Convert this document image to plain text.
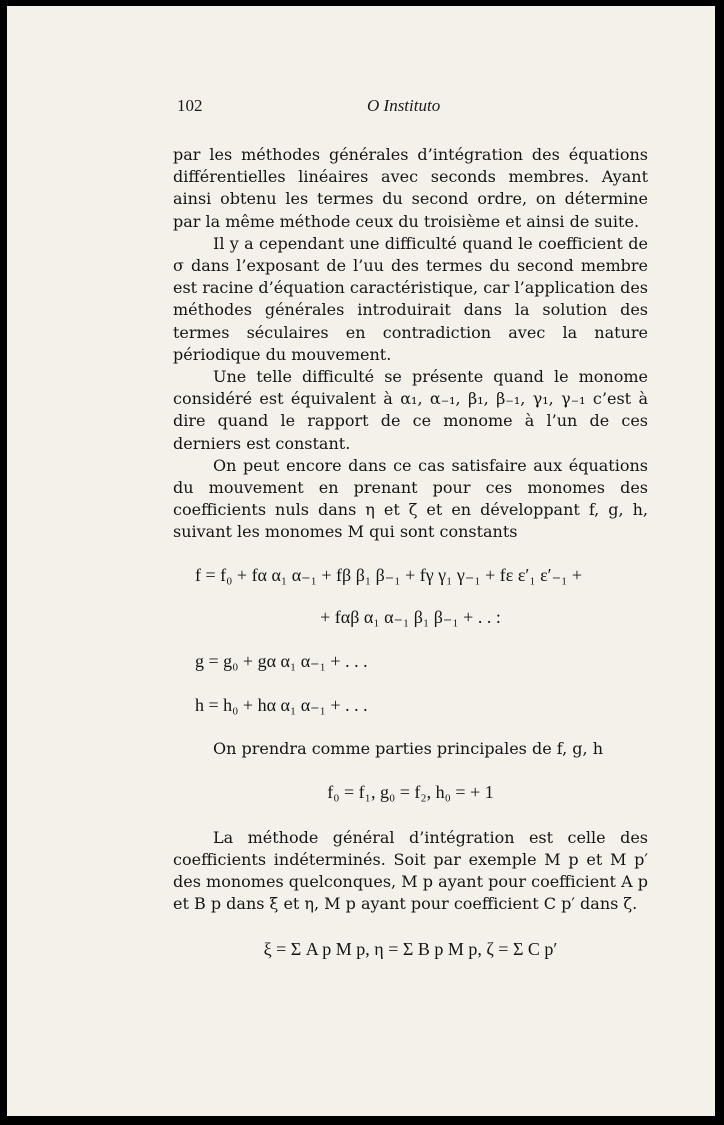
102	O Instituto

par les méthodes générales d’intégration des équations différentielles linéaires avec seconds membres. Ayant ainsi obtenu les termes du second ordre, on détermine par la même méthode ceux du troisième et ainsi de suite.

Il y a cependant une difficulté quand le coefficient de σ dans l’exposant de l’uu des termes du second membre est racine d’équation caractéristique, car l’application des méthodes générales introduirait dans la solution des termes séculaires en contradiction avec la nature périodique du mouvement.

Une telle difficulté se présente quand le monome considéré est équivalent à α₁, α₋₁, β₁, β₋₁, γ₁, γ₋₁ c’est à dire quand le rapport de ce monome à l’un de ces derniers est constant.

On peut encore dans ce cas satisfaire aux équations du mouvement en prenant pour ces monomes des coefficients nuls dans η et ζ et en développant f, g, h, suivant les monomes M qui sont constants

f = f₀ + fα α₁ α₋₁ + fβ β₁ β₋₁ + fγ γ₁ γ₋₁ + fε ε′₁ ε′₋₁ +
+ fαβ α₁ α₋₁ β₁ β₋₁ + . . :
g = g₀ + gα α₁ α₋₁ + . . .
h = h₀ + hα α₁ α₋₁ + . . .

On prendra comme parties principales de f, g, h

f₀ = f₁, g₀ = f₂, h₀ = + 1

La méthode général d’intégration est celle des coefficients indéterminés. Soit par exemple M p et M p′ des monomes quelconques, M p ayant pour coefficient A p et B p dans ξ et η, M p ayant pour coefficient C p′ dans ζ.

ξ = Σ A p M p, η = Σ B p M p, ζ = Σ C p′
